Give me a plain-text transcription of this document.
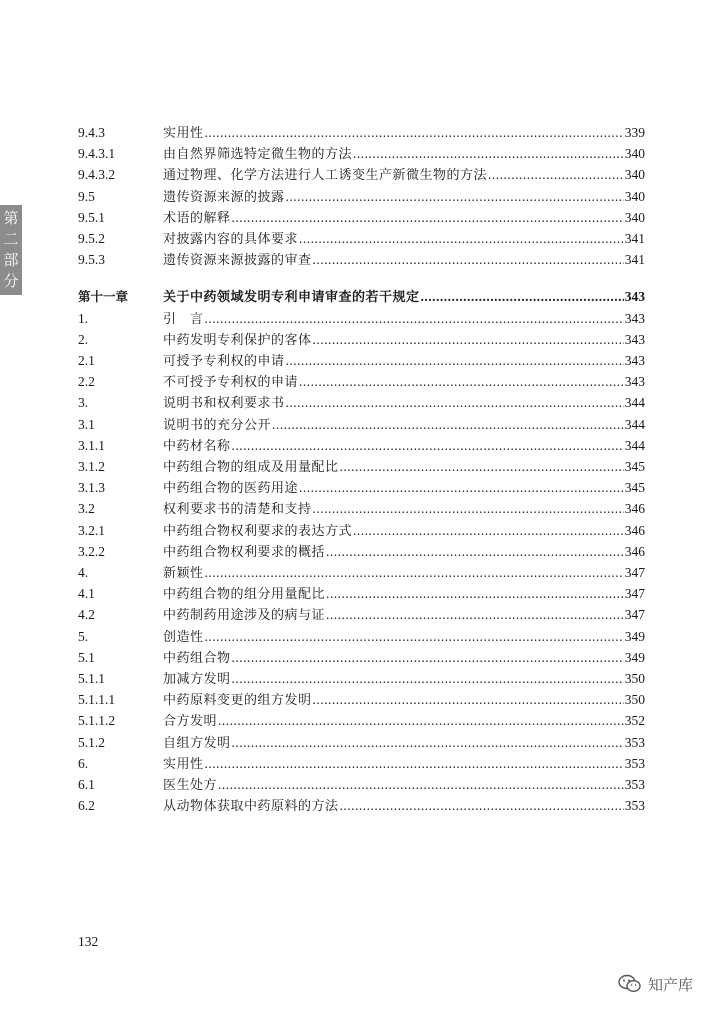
第
二
部
分
9.4.3	实用性 .....	339
9.4.3.1	由自然界筛选特定微生物的方法 .....	340
9.4.3.2	通过物理、化学方法进行人工诱变生产新微生物的方法 .....	340
9.5	遗传资源来源的披露 .....	340
9.5.1	术语的解释 .....	340
9.5.2	对披露内容的具体要求 .....	341
9.5.3	遗传资源来源披露的审查 .....	341
第十一章	关于中药领域发明专利申请审查的若干规定 .....	343
1.	引　言 .....	343
2.	中药发明专利保护的客体 .....	343
2.1	可授予专利权的申请 .....	343
2.2	不可授予专利权的申请 .....	343
3.	说明书和权利要求书 .....	344
3.1	说明书的充分公开 .....	344
3.1.1	中药材名称 .....	344
3.1.2	中药组合物的组成及用量配比 .....	345
3.1.3	中药组合物的医药用途 .....	345
3.2	权利要求书的清楚和支持 .....	346
3.2.1	中药组合物权利要求的表达方式 .....	346
3.2.2	中药组合物权利要求的概括 .....	346
4.	新颖性 .....	347
4.1	中药组合物的组分用量配比 .....	347
4.2	中药制药用途涉及的病与证 .....	347
5.	创造性 .....	349
5.1	中药组合物 .....	349
5.1.1	加减方发明 .....	350
5.1.1.1	中药原料变更的组方发明 .....	350
5.1.1.2	合方发明 .....	352
5.1.2	自组方发明 .....	353
6.	实用性 .....	353
6.1	医生处方 .....	353
6.2	从动物体获取中药原料的方法 .....	353
132
知产库
